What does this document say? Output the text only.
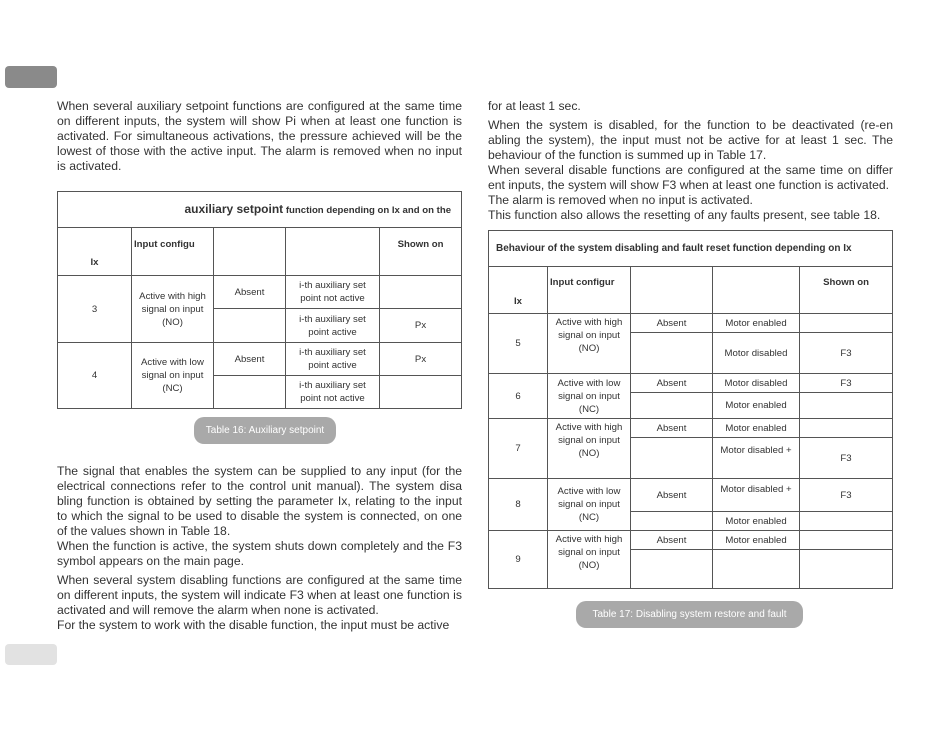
When several auxiliary setpoint functions are configured at the same time on different inputs, the system will show Pi when at least one function is activated. For simultaneous activations, the pressure achieved will be the lowest of those with the active input. The alarm is removed when no input is activated.

auxiliary setpoint function depending on Ix and on the				
Ix	Input configu			Shown on
3	Active with high signal on input (NO)	Absent	i-th auxiliary set point not active	
			i-th auxiliary set point active	Px
4	Active with low signal on input (NC)	Absent	i-th auxiliary set point active	Px
			i-th auxiliary set point not active	
Table 16: Auxiliary setpoint

The signal that enables the system can be supplied to any input (for the electrical connections refer to the control unit manual). The system disa bling function is obtained by setting the parameter Ix, relating to the input to which the signal to be used to disable the system is connected, on one of the values shown in Table 18.

When the function is active, the system shuts down completely and the F3 symbol appears on the main page.

When several system disabling functions are configured at the same time on different inputs, the system will indicate F3 when at least one function is activated and will remove the alarm when none is activated.

For the system to work with the disable function, the input must be active

for at least 1 sec.

When the system is disabled, for the function to be deactivated (re-en abling the system), the input must not be active for at least 1 sec. The behaviour of the function is summed up in Table 17.

When several disable functions are configured at the same time on differ ent inputs, the system will show F3 when at least one function is activated.

The alarm is removed when no input is activated.

This function also allows the resetting of any faults present, see table 18.

Behaviour of the system disabling and fault reset function depending on Ix				
Ix	Input configur			Shown on
5	Active with high signal on input (NO)	Absent	Motor enabled	
			Motor disabled	F3
6	Active with low signal on input (NC)	Absent	Motor disabled	F3
			Motor enabled	
7	Active with high signal on input (NO)	Absent	Motor enabled	
			Motor disabled +	F3
8	Active with low signal on input (NC)	Absent	Motor disabled +	F3
			Motor enabled	
9	Active with high signal on input (NO)	Absent	Motor enabled	

Table 17: Disabling system restore and fault
